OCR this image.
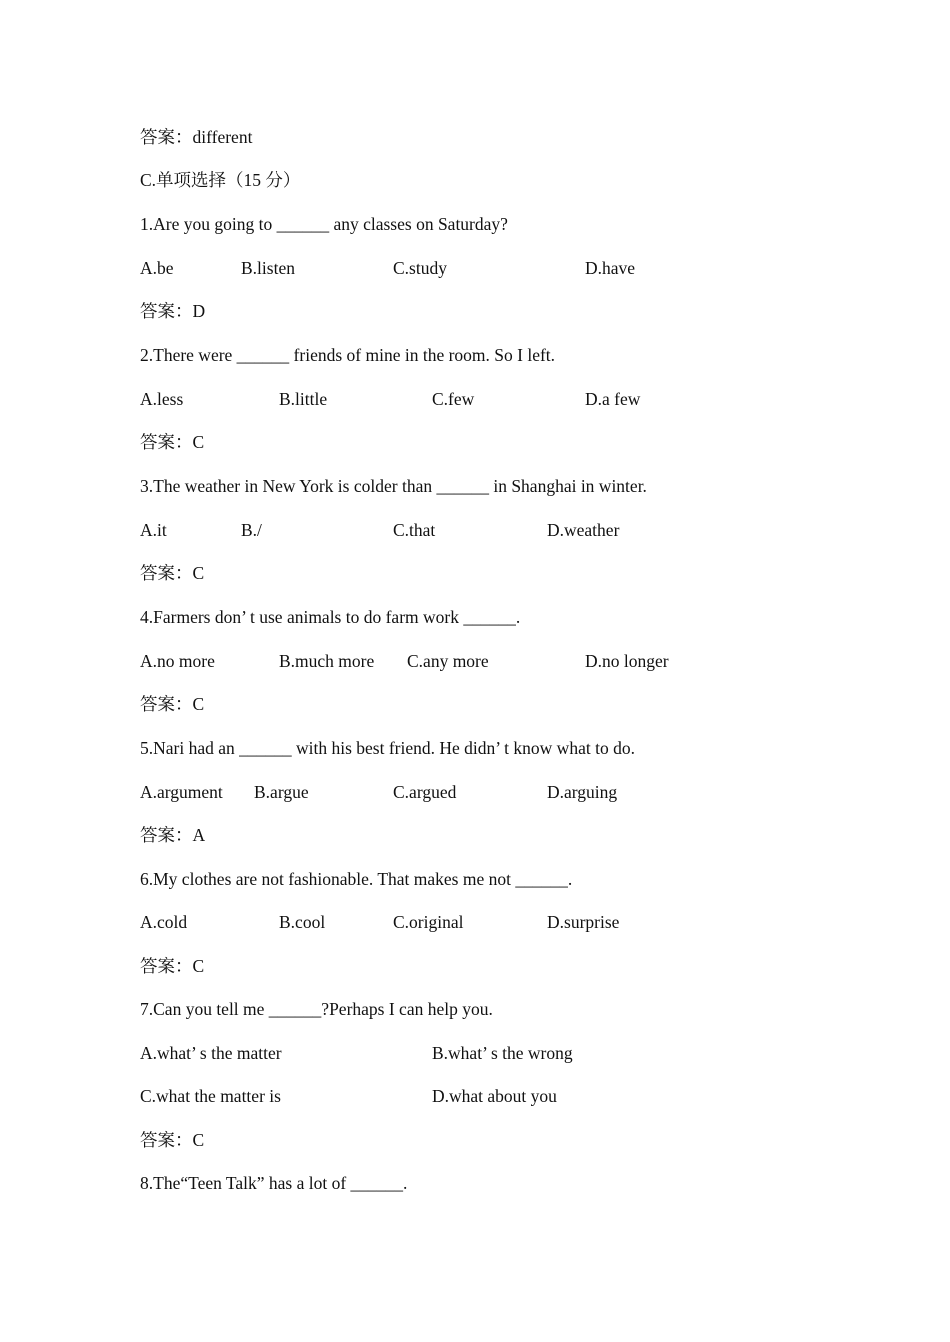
答案：different
C.单项选择（15 分）
1.Are you going to ______ any classes on Saturday?
A.be	B.listen	C.study	D.have
答案：D
2.There were ______ friends of mine in the room. So I left.
A.less	B.little	C.few	D.a few
答案：C
3.The weather in New York is colder than ______ in Shanghai in winter.
A.it	B./	C.that	D.weather
答案：C
4.Farmers don’ t use animals to do farm work ______.
A.no more	B.much more C.any more	D.no longer
答案：C
5.Nari had an ______ with his best friend. He didn’ t know what to do.
A.argument B.argue	C.argued	D.arguing
答案：A
6.My clothes are not fashionable. That makes me not ______.
A.cold	B.cool	C.original	D.surprise
答案：C
7.Can you tell me ______?Perhaps I can help you.
A.what’ s the matter	B.what’ s the wrong
C.what the matter is	D.what about you
答案：C
8.The“Teen Talk” has a lot of ______.
